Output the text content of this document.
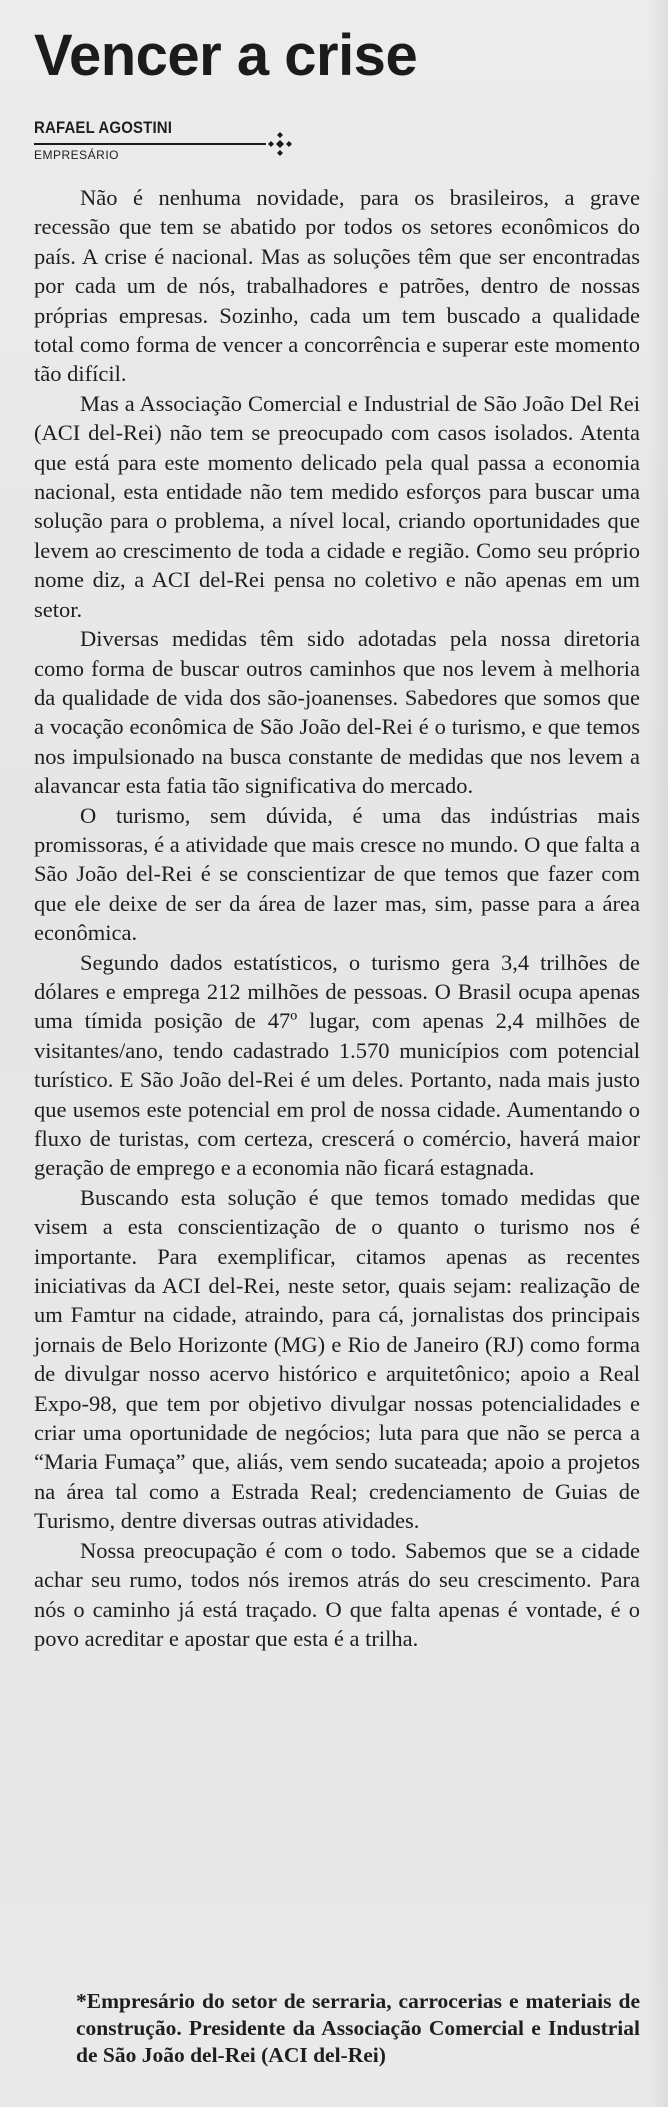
Vencer a crise
RAFAEL AGOSTINI
EMPRESÁRIO

Não é nenhuma novidade, para os brasileiros, a grave recessão que tem se abatido por todos os setores econômicos do país. A crise é nacional. Mas as soluções têm que ser encontradas por cada um de nós, trabalhadores e patrões, dentro de nossas próprias empresas. Sozinho, cada um tem buscado a qualidade total como forma de vencer a concorrência e superar este momento tão difícil.

Mas a Associação Comercial e Industrial de São João Del Rei (ACI del-Rei) não tem se preocupado com casos isolados. Atenta que está para este momento delicado pela qual passa a economia nacional, esta entidade não tem medido esforços para buscar uma solução para o problema, a nível local, criando oportunidades que levem ao crescimento de toda a cidade e região. Como seu próprio nome diz, a ACI del-Rei pensa no coletivo e não apenas em um setor.

Diversas medidas têm sido adotadas pela nossa diretoria como forma de buscar outros caminhos que nos levem à melhoria da qualidade de vida dos são-joanenses. Sabedores que somos que a vocação econômica de São João del-Rei é o turismo, e que temos nos impulsionado na busca constante de medidas que nos levem a alavancar esta fatia tão significativa do mercado.

O turismo, sem dúvida, é uma das indústrias mais promissoras, é a atividade que mais cresce no mundo. O que falta a São João del-Rei é se conscientizar de que temos que fazer com que ele deixe de ser da área de lazer mas, sim, passe para a área econômica.

Segundo dados estatísticos, o turismo gera 3,4 trilhões de dólares e emprega 212 milhões de pessoas. O Brasil ocupa apenas uma tímida posição de 47º lugar, com apenas 2,4 milhões de visitantes/ano, tendo cadastrado 1.570 municípios com potencial turístico. E São João del-Rei é um deles. Portanto, nada mais justo que usemos este potencial em prol de nossa cidade. Aumentando o fluxo de turistas, com certeza, crescerá o comércio, haverá maior geração de emprego e a economia não ficará estagnada.

Buscando esta solução é que temos tomado medidas que visem a esta conscientização de o quanto o turismo nos é importante. Para exemplificar, citamos apenas as recentes iniciativas da ACI del-Rei, neste setor, quais sejam: realização de um Famtur na cidade, atraindo, para cá, jornalistas dos principais jornais de Belo Horizonte (MG) e Rio de Janeiro (RJ) como forma de divulgar nosso acervo histórico e arquitetônico; apoio a Real Expo-98, que tem por objetivo divulgar nossas potencialidades e criar uma oportunidade de negócios; luta para que não se perca a “Maria Fumaça” que, aliás, vem sendo sucateada; apoio a projetos na área tal como a Estrada Real; credenciamento de Guias de Turismo, dentre diversas outras atividades.

Nossa preocupação é com o todo. Sabemos que se a cidade achar seu rumo, todos nós iremos atrás do seu crescimento. Para nós o caminho já está traçado. O que falta apenas é vontade, é o povo acreditar e apostar que esta é a trilha.

*Empresário do setor de serraria, carrocerias e materiais de construção. Presidente da Associação Comercial e Industrial de São João del-Rei (ACI del-Rei)
